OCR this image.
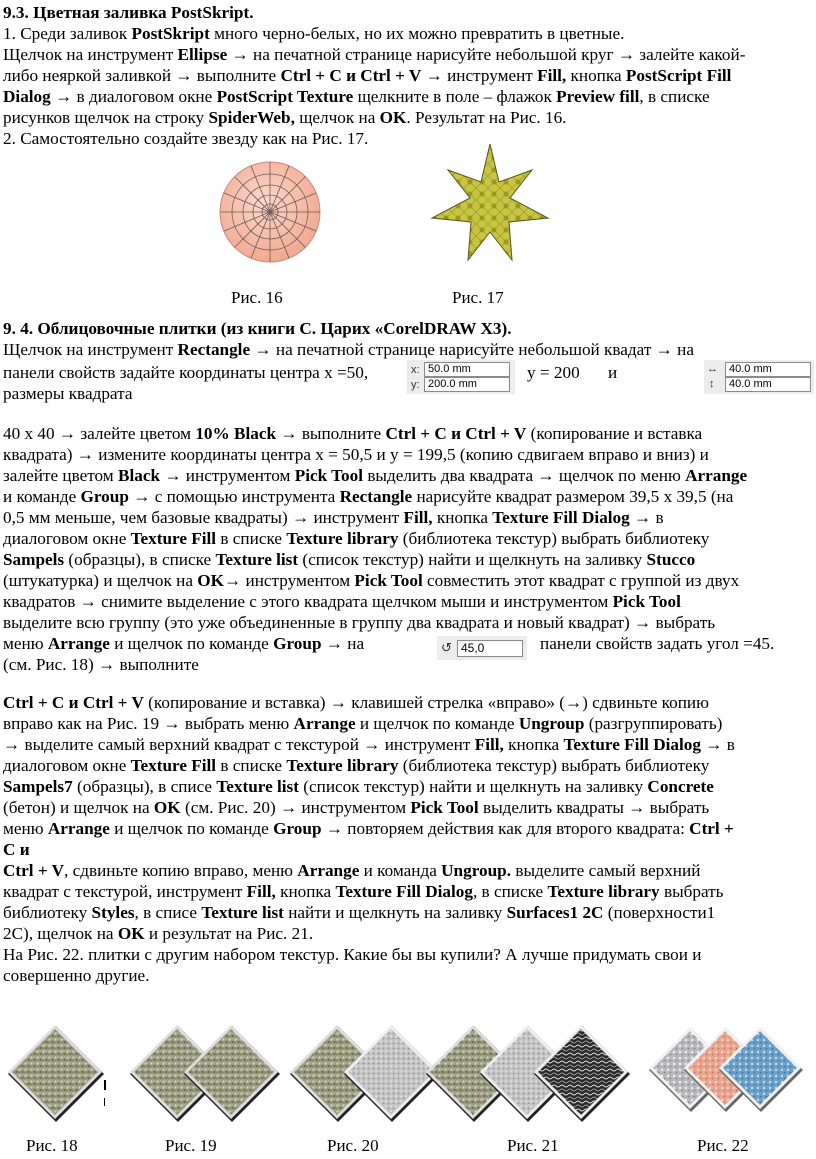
9.3. Цветная заливка PostSkript.
1. Среди заливок PostSkript много черно-белых, но их можно превратить в цветные.
Щелчок на инструмент Ellipse → на печатной странице нарисуйте небольшой круг → залейте какой-
либо неяркой заливкой → выполните Ctrl + C и Ctrl + V → инструмент Fill, кнопка PostScript Fill
Dialog → в диалоговом окне PostScript Texture щелкните в поле – флажок Preview fill, в списке
рисунков щелчок на строку SpiderWeb, щелчок на OK. Результат на Рис. 16.
2. Самостоятельно создайте звезду как на Рис. 17.
Рис. 16	Рис. 17
9. 4. Облицовочные плитки (из книги С. Царих «CorelDRAW X3).
Щелчок на инструмент Rectangle → на печатной странице нарисуйте небольшой квадат → на
панели свойств задайте координаты центра x =50,	y = 200 и
размеры квадрата
x: 50.0 mm
y: 200.0 mm
↔	40.0 mm
↕	40.0 mm
40 x 40 → залейте цветом 10% Black → выполните Ctrl + C и Ctrl + V (копирование и вставка
квадрата) → измените координаты центра x = 50,5 и y = 199,5 (копию сдвигаем вправо и вниз) и
залейте цветом Black → инструментом Pick Tool выделить два квадрата → щелчок по меню Arrange
и команде Group → с помощью инструмента Rectangle нарисуйте квадрат размером 39,5 x 39,5 (на
0,5 мм меньше, чем базовые квадраты) → инструмент Fill, кнопка Texture Fill Dialog → в
диалоговом окне Texture Fill в списке Texture library (библиотека текстур) выбрать библиотеку
Sampels (образцы), в списке Texture list (список текстур) найти и щелкнуть на заливку Stucco
(штукатурка) и щелчок на OK→ инструментом Pick Tool совместить этот квадрат с группой из двух
квадратов → снимите выделение с этого квадрата щелчком мыши и инструментом Pick Tool
выделите всю группу (это уже объединенные в группу два квадрата и новый квадрат) → выбрать
меню Arrange и щелчок по команде Group → на	панели свойств задать угол =45.
↺ 45,0
(см. Рис. 18) → выполните
Ctrl + C и Ctrl + V (копирование и вставка) → клавишей стрелка «вправо» (→) сдвиньте копию
вправо как на Рис. 19 → выбрать меню Arrange и щелчок по команде Ungroup (разгруппировать)
→ выделите самый верхний квадрат с текстурой → инструмент Fill, кнопка Texture Fill Dialog → в
диалоговом окне Texture Fill в списке Texture library (библиотека текстур) выбрать библиотеку
Sampels7 (образцы), в списе Texture list (список текстур) найти и щелкнуть на заливку Concrete
(бетон) и щелчок на OK (см. Рис. 20) → инструментом Pick Tool выделить квадраты → выбрать
меню Arrange и щелчок по команде Group → повторяем действия как для второго квадрата: Ctrl +
C и
Ctrl + V, сдвиньте копию вправо, меню Arrange и команда Ungroup. выделите самый верхний
квадрат с текстурой, инструмент Fill, кнопка Texture Fill Dialog, в списке Texture library выбрать
библиотеку Styles, в списе Texture list найти и щелкнуть на заливку Surfaces1 2C (поверхности1
2С), щелчок на OK и результат на Рис. 21.
На Рис. 22. плитки с другим набором текстур. Какие бы вы купили? А лучше придумать свои и
совершенно другие.
Рис. 18	Рис. 19	Рис. 20	Рис. 21	Рис. 22
